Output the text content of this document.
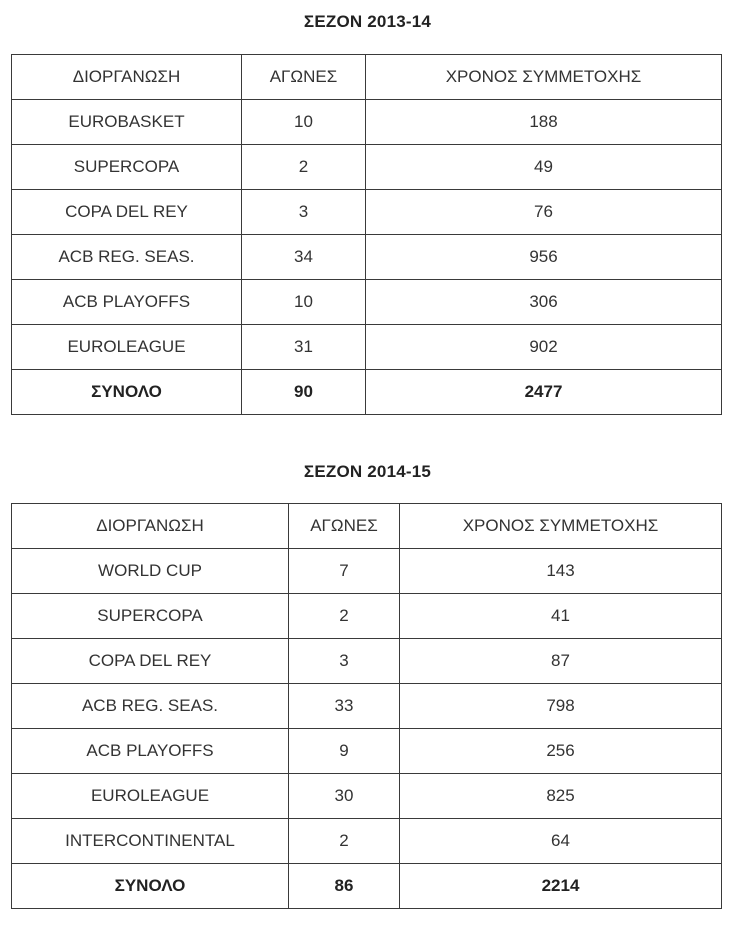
ΣΕΖΟΝ 2013-14
ΔΙΟΡΓΑΝΩΣΗ	ΑΓΩΝΕΣ	ΧΡΟΝΟΣ ΣΥΜΜΕΤΟΧΗΣ
EUROBASKET	10	188
SUPERCOPA	2	49
COPA DEL REY	3	76
ACB REG. SEAS.	34	956
ACB PLAYOFFS	10	306
EUROLEAGUE	31	902
ΣΥΝΟΛΟ	90	2477
ΣΕΖΟΝ 2014-15
ΔΙΟΡΓΑΝΩΣΗ	ΑΓΩΝΕΣ	ΧΡΟΝΟΣ ΣΥΜΜΕΤΟΧΗΣ
WORLD CUP	7	143
SUPERCOPA	2	41
COPA DEL REY	3	87
ACB REG. SEAS.	33	798
ACB PLAYOFFS	9	256
EUROLEAGUE	30	825
INTERCONTINENTAL	2	64
ΣΥΝΟΛΟ	86	2214
